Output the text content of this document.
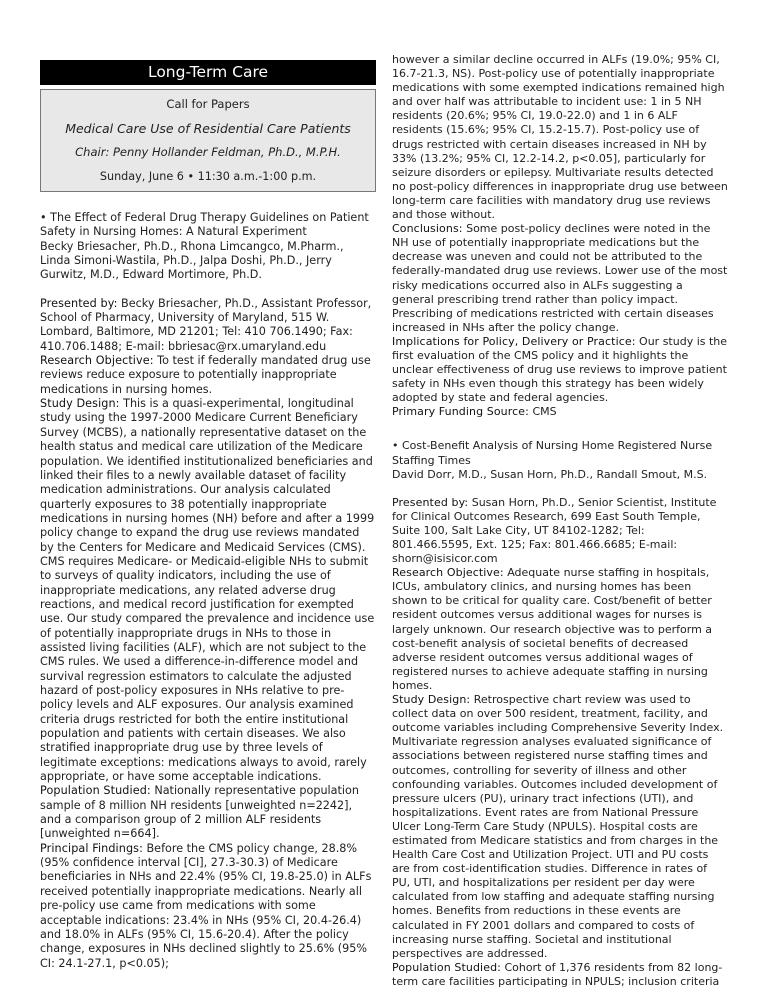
Long-Term Care
Call for Papers
Medical Care Use of Residential Care Patients
Chair: Penny Hollander Feldman, Ph.D., M.P.H.
Sunday, June 6 • 11:30 a.m.-1:00 p.m.

• The Effect of Federal Drug Therapy Guidelines on Patient Safety in Nursing Homes: A Natural Experiment

Becky Briesacher, Ph.D., Rhona Limcangco, M.Pharm., Linda Simoni-Wastila, Ph.D., Jalpa Doshi, Ph.D., Jerry Gurwitz, M.D., Edward Mortimore, Ph.D.

Presented by: Becky Briesacher, Ph.D., Assistant Professor, School of Pharmacy, University of Maryland, 515 W. Lombard, Baltimore, MD 21201; Tel: 410 706.1490; Fax: 410.706.1488; E-mail: bbriesac@rx.umaryland.edu

Research Objective: To test if federally mandated drug use reviews reduce exposure to potentially inappropriate medications in nursing homes.

Study Design: This is a quasi-experimental, longitudinal study using the 1997-2000 Medicare Current Beneficiary Survey (MCBS), a nationally representative dataset on the health status and medical care utilization of the Medicare population. We identified institutionalized beneficiaries and linked their files to a newly available dataset of facility medication administrations. Our analysis calculated quarterly exposures to 38 potentially inappropriate medications in nursing homes (NH) before and after a 1999 policy change to expand the drug use reviews mandated by the Centers for Medicare and Medicaid Services (CMS). CMS requires Medicare- or Medicaid-eligible NHs to submit to surveys of quality indicators, including the use of inappropriate medications, any related adverse drug reactions, and medical record justification for exempted use. Our study compared the prevalence and incidence use of potentially inappropriate drugs in NHs to those in assisted living facilities (ALF), which are not subject to the CMS rules. We used a difference-in-difference model and survival regression estimators to calculate the adjusted hazard of post-policy exposures in NHs relative to pre-policy levels and ALF exposures. Our analysis examined criteria drugs restricted for both the entire institutional population and patients with certain diseases. We also stratified inappropriate drug use by three levels of legitimate exceptions: medications always to avoid, rarely appropriate, or have some acceptable indications.

Population Studied: Nationally representative population sample of 8 million NH residents [unweighted n=2242], and a comparison group of 2 million ALF residents [unweighted n=664].

Principal Findings: Before the CMS policy change, 28.8% (95% confidence interval [CI], 27.3-30.3) of Medicare beneficiaries in NHs and 22.4% (95% CI, 19.8-25.0) in ALFs received potentially inappropriate medications. Nearly all pre-policy use came from medications with some acceptable indications: 23.4% in NHs (95% CI, 20.4-26.4) and 18.0% in ALFs (95% CI, 15.6-20.4). After the policy change, exposures in NHs declined slightly to 25.6% (95% CI: 24.1-27.1, p<0.05);

however a similar decline occurred in ALFs (19.0%; 95% CI, 16.7-21.3, NS). Post-policy use of potentially inappropriate medications with some exempted indications remained high and over half was attributable to incident use: 1 in 5 NH residents (20.6%; 95% CI, 19.0-22.0) and 1 in 6 ALF residents (15.6%; 95% CI, 15.2-15.7). Post-policy use of drugs restricted with certain diseases increased in NH by 33% (13.2%; 95% CI, 12.2-14.2, p<0.05], particularly for seizure disorders or epilepsy. Multivariate results detected no post-policy differences in inappropriate drug use between long-term care facilities with mandatory drug use reviews and those without.

Conclusions: Some post-policy declines were noted in the NH use of potentially inappropriate medications but the decrease was uneven and could not be attributed to the federally-mandated drug use reviews. Lower use of the most risky medications occurred also in ALFs suggesting a general prescribing trend rather than policy impact. Prescribing of medications restricted with certain diseases increased in NHs after the policy change.

Implications for Policy, Delivery or Practice: Our study is the first evaluation of the CMS policy and it highlights the unclear effectiveness of drug use reviews to improve patient safety in NHs even though this strategy has been widely adopted by state and federal agencies.

Primary Funding Source: CMS

• Cost-Benefit Analysis of Nursing Home Registered Nurse Staffing Times

David Dorr, M.D., Susan Horn, Ph.D., Randall Smout, M.S.

Presented by: Susan Horn, Ph.D., Senior Scientist, Institute for Clinical Outcomes Research, 699 East South Temple, Suite 100, Salt Lake City, UT 84102-1282; Tel: 801.466.5595, Ext. 125; Fax: 801.466.6685; E-mail: shorn@isisicor.com

Research Objective: Adequate nurse staffing in hospitals, ICUs, ambulatory clinics, and nursing homes has been shown to be critical for quality care. Cost/benefit of better resident outcomes versus additional wages for nurses is largely unknown. Our research objective was to perform a cost-benefit analysis of societal benefits of decreased adverse resident outcomes versus additional wages of registered nurses to achieve adequate staffing in nursing homes.

Study Design: Retrospective chart review was used to collect data on over 500 resident, treatment, facility, and outcome variables including Comprehensive Severity Index. Multivariate regression analyses evaluated significance of associations between registered nurse staffing times and outcomes, controlling for severity of illness and other confounding variables. Outcomes included development of pressure ulcers (PU), urinary tract infections (UTI), and hospitalizations. Event rates are from National Pressure Ulcer Long-Term Care Study (NPULS). Hospital costs are estimated from Medicare statistics and from charges in the Health Care Cost and Utilization Project. UTI and PU costs are from cost-identification studies. Difference in rates of PU, UTI, and hospitalizations per resident per day were calculated from low staffing and adequate staffing nursing homes. Benefits from reductions in these events are calculated in FY 2001 dollars and compared to costs of increasing nurse staffing. Societal and institutional perspectives are addressed.

Population Studied: Cohort of 1,376 residents from 82 long-term care facilities participating in NPULS; inclusion criteria
